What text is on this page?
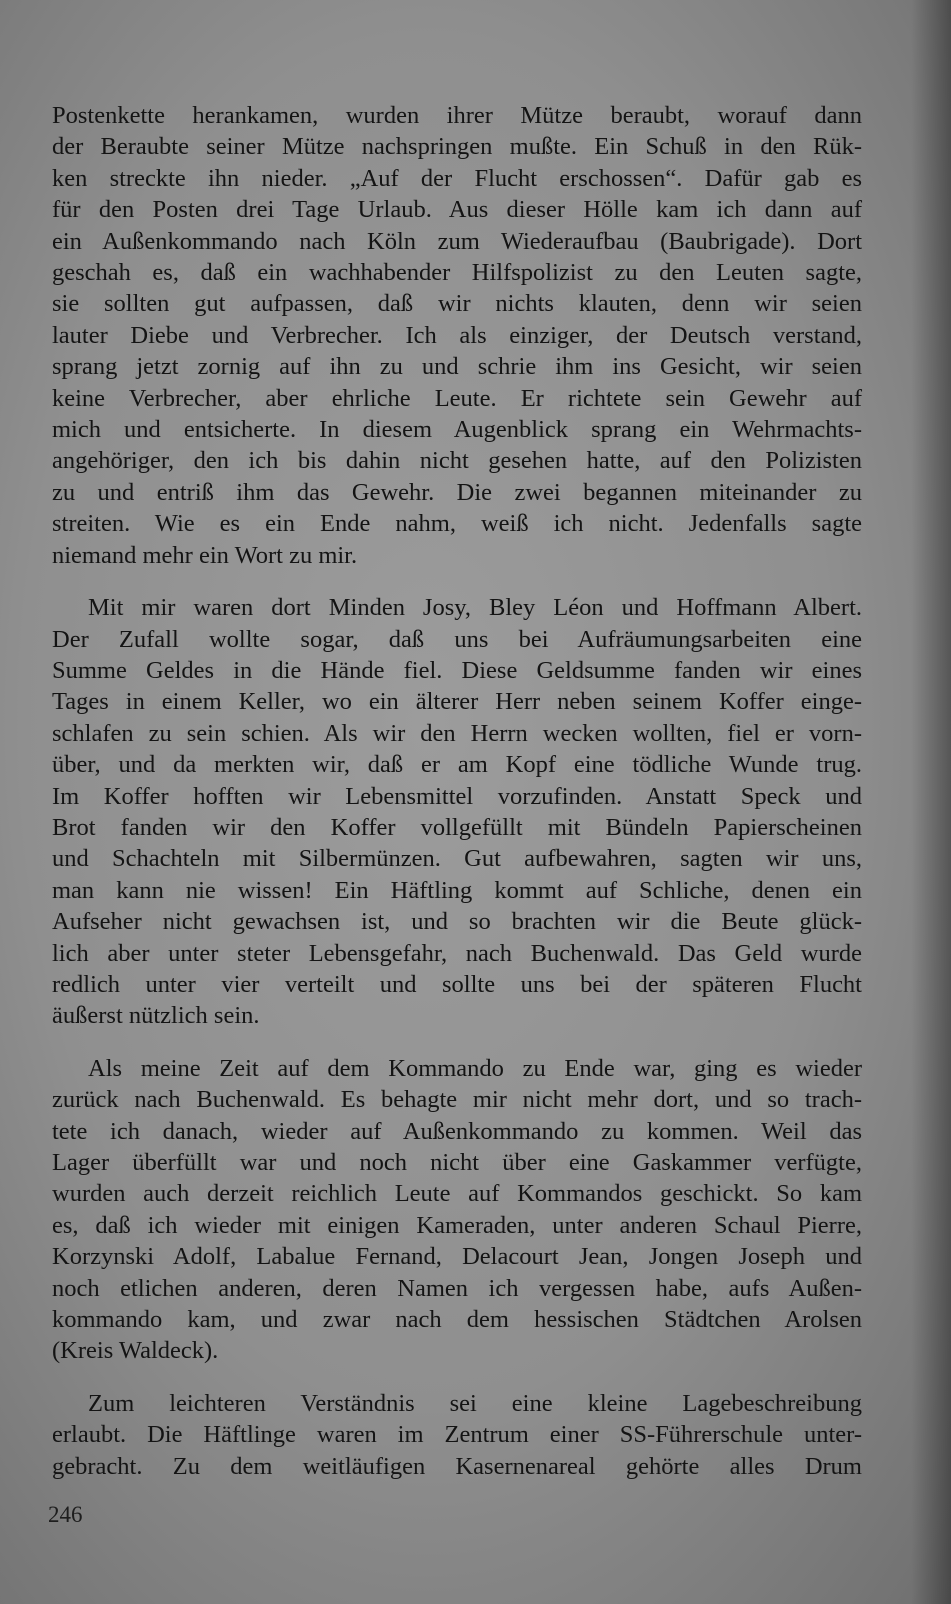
Postenkette herankamen, wurden ihrer Mütze beraubt, worauf dann
der Beraubte seiner Mütze nachspringen mußte. Ein Schuß in den Rük-
ken streckte ihn nieder. „Auf der Flucht erschossen“. Dafür gab es
für den Posten drei Tage Urlaub. Aus dieser Hölle kam ich dann auf
ein Außenkommando nach Köln zum Wiederaufbau (Baubrigade). Dort
geschah es, daß ein wachhabender Hilfspolizist zu den Leuten sagte,
sie sollten gut aufpassen, daß wir nichts klauten, denn wir seien
lauter Diebe und Verbrecher. Ich als einziger, der Deutsch verstand,
sprang jetzt zornig auf ihn zu und schrie ihm ins Gesicht, wir seien
keine Verbrecher, aber ehrliche Leute. Er richtete sein Gewehr auf
mich und entsicherte. In diesem Augenblick sprang ein Wehrmachts-
angehöriger, den ich bis dahin nicht gesehen hatte, auf den Polizisten
zu und entriß ihm das Gewehr. Die zwei begannen miteinander zu
streiten. Wie es ein Ende nahm, weiß ich nicht. Jedenfalls sagte
niemand mehr ein Wort zu mir.
Mit mir waren dort Minden Josy, Bley Léon und Hoffmann Albert.
Der Zufall wollte sogar, daß uns bei Aufräumungsarbeiten eine
Summe Geldes in die Hände fiel. Diese Geldsumme fanden wir eines
Tages in einem Keller, wo ein älterer Herr neben seinem Koffer einge-
schlafen zu sein schien. Als wir den Herrn wecken wollten, fiel er vorn-
über, und da merkten wir, daß er am Kopf eine tödliche Wunde trug.
Im Koffer hofften wir Lebensmittel vorzufinden. Anstatt Speck und
Brot fanden wir den Koffer vollgefüllt mit Bündeln Papierscheinen
und Schachteln mit Silbermünzen. Gut aufbewahren, sagten wir uns,
man kann nie wissen! Ein Häftling kommt auf Schliche, denen ein
Aufseher nicht gewachsen ist, und so brachten wir die Beute glück-
lich aber unter steter Lebensgefahr, nach Buchenwald. Das Geld wurde
redlich unter vier verteilt und sollte uns bei der späteren Flucht
äußerst nützlich sein.
Als meine Zeit auf dem Kommando zu Ende war, ging es wieder
zurück nach Buchenwald. Es behagte mir nicht mehr dort, und so trach-
tete ich danach, wieder auf Außenkommando zu kommen. Weil das
Lager überfüllt war und noch nicht über eine Gaskammer verfügte,
wurden auch derzeit reichlich Leute auf Kommandos geschickt. So kam
es, daß ich wieder mit einigen Kameraden, unter anderen Schaul Pierre,
Korzynski Adolf, Labalue Fernand, Delacourt Jean, Jongen Joseph und
noch etlichen anderen, deren Namen ich vergessen habe, aufs Außen-
kommando kam, und zwar nach dem hessischen Städtchen Arolsen
(Kreis Waldeck).
Zum leichteren Verständnis sei eine kleine Lagebeschreibung
erlaubt. Die Häftlinge waren im Zentrum einer SS-Führerschule unter-
gebracht. Zu dem weitläufigen Kasernenareal gehörte alles Drum
246
